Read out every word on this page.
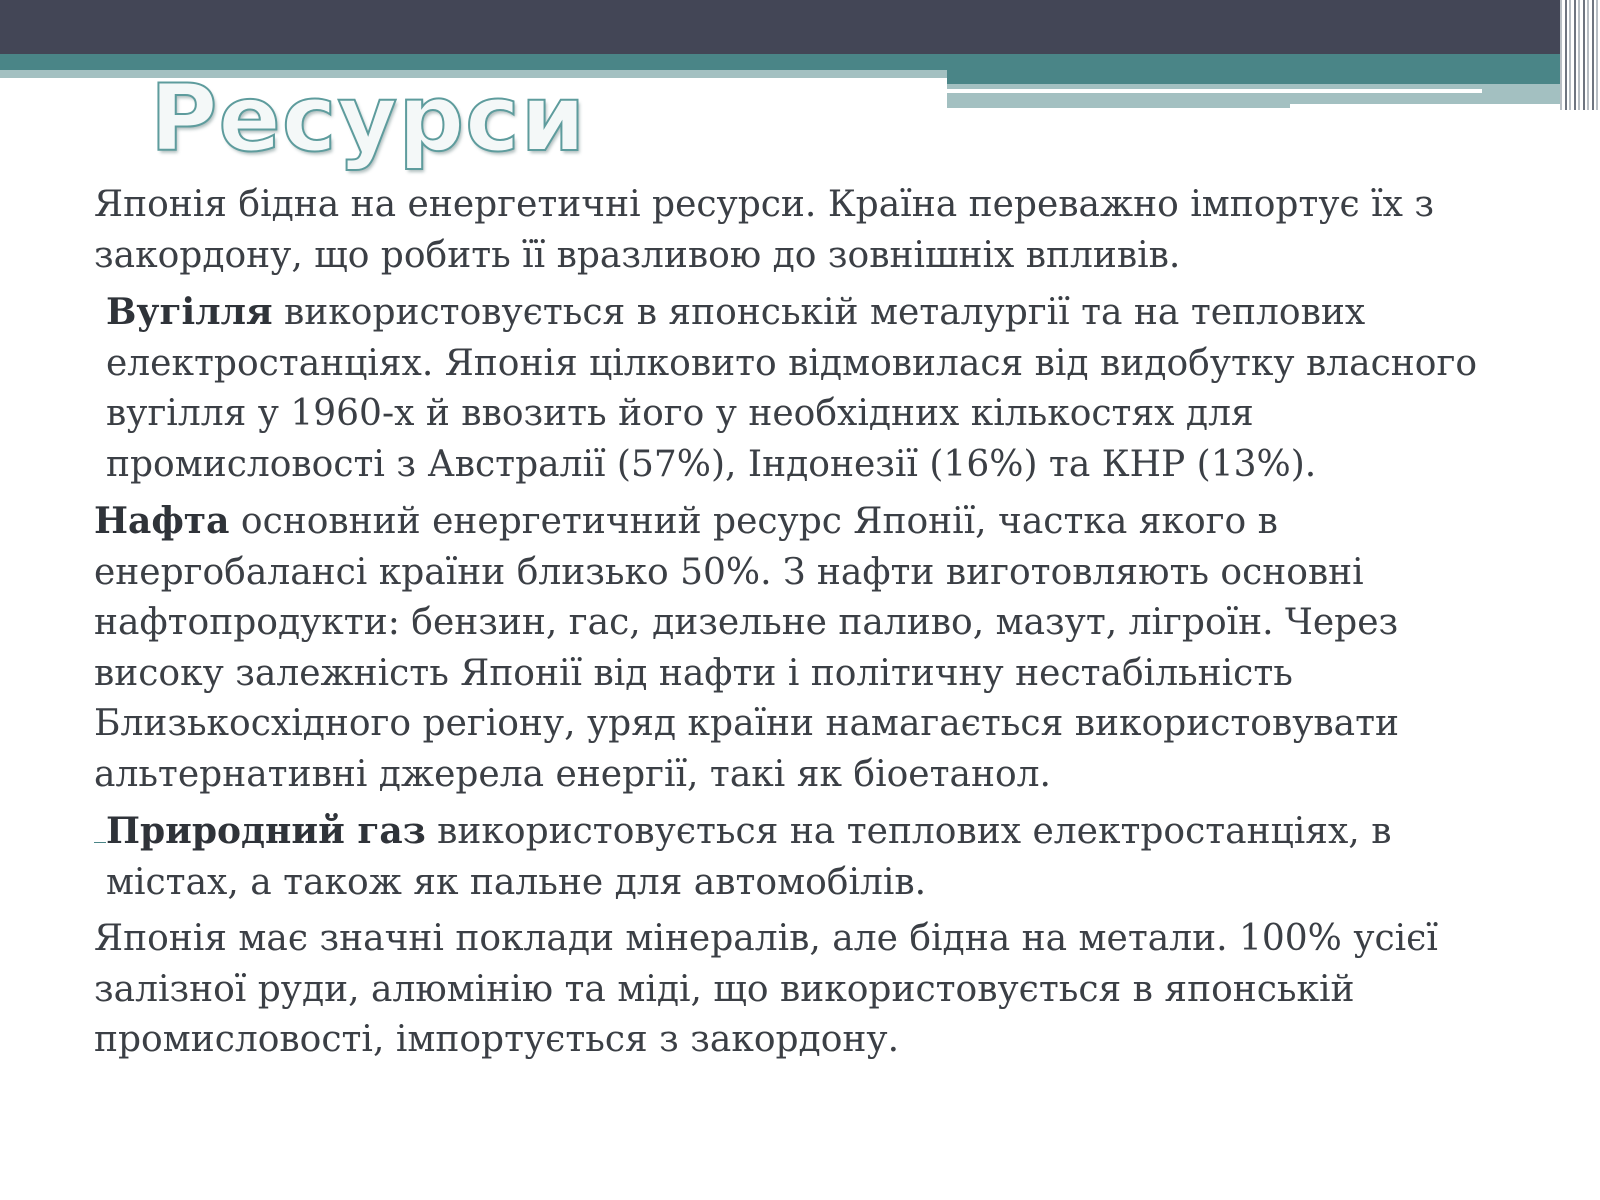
Ресурси

Японія бідна на енергетичні ресурси. Країна переважно імпортує їх з закордону, що робить її вразливою до зовнішніх впливів.

Вугілля використовується в японській металургії та на теплових електростанціях. Японія цілковито відмовилася від видобутку власного вугілля у 1960-х й ввозить його у необхідних кількостях для промисловості з Австралії (57%), Індонезії (16%) та КНР (13%).

Нафта основний енергетичний ресурс Японії, частка якого в енергобалансі країни близько 50%. З нафти виготовляють основні нафтопродукти: бензин, гас, дизельне паливо, мазут, лігроїн. Через високу залежність Японії від нафти і політичну нестабільність Близькосхідного регіону, уряд країни намагається використовувати альтернативні джерела енергії, такі як біоетанол.

Природний газ використовується на теплових електростанціях, в містах, а також як пальне для автомобілів.

Японія має значні поклади мінералів, але бідна на метали. 100% усієї залізної руди, алюмінію та міді, що використовується в японській промисловості, імпортується з закордону.
